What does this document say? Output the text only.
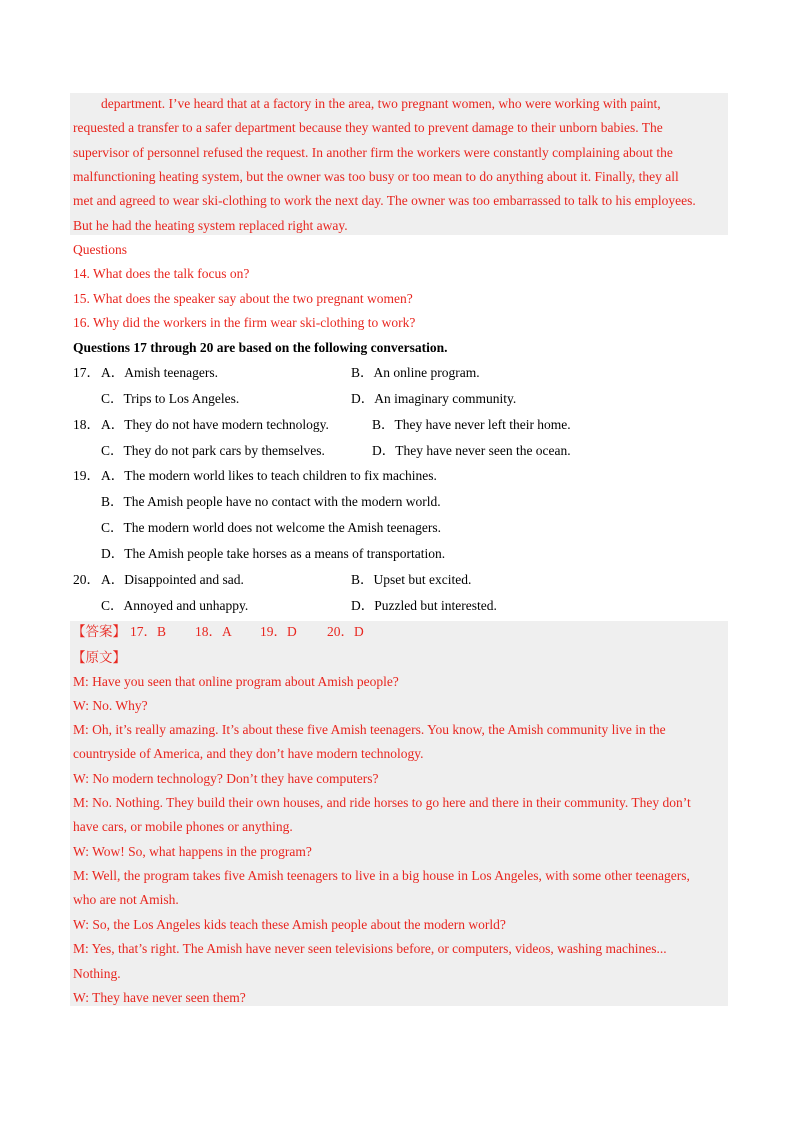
department. I’ve heard that at a factory in the area, two pregnant women, who were working with paint,
requested a transfer to a safer department because they wanted to prevent damage to their unborn babies. The
supervisor of personnel refused the request. In another firm the workers were constantly complaining about the
malfunctioning heating system, but the owner was too busy or too mean to do anything about it. Finally, they all
met and agreed to wear ski-clothing to work the next day. The owner was too embarrassed to talk to his employees.
But he had the heating system replaced right away.
Questions
14. What does the talk focus on?
15. What does the speaker say about the two pregnant women?
16. Why did the workers in the firm wear ski-clothing to work?
Questions 17 through 20 are based on the following conversation.
17． A．Amish teenagers.	B．An online program.
C．Trips to Los Angeles.	D．An imaginary community.
18． A．They do not have modern technology.	B．They have never left their home.
C．They do not park cars by themselves.	D．They have never seen the ocean.
19． A．The modern world likes to teach children to fix machines.
B．The Amish people have no contact with the modern world.
C．The modern world does not welcome the Amish teenagers.
D．The Amish people take horses as a means of transportation.
20． A．Disappointed and sad.	B．Upset but excited.
C．Annoyed and unhappy.	D．Puzzled but interested.
【答案】 17．B 18．A 19．D 20．D
【原文】
M: Have you seen that online program about Amish people?
W: No. Why?
M: Oh, it’s really amazing. It’s about these five Amish teenagers. You know, the Amish community live in the
countryside of America, and they don’t have modern technology.
W: No modern technology? Don’t they have computers?
M: No. Nothing. They build their own houses, and ride horses to go here and there in their community. They don’t
have cars, or mobile phones or anything.
W: Wow! So, what happens in the program?
M: Well, the program takes five Amish teenagers to live in a big house in Los Angeles, with some other teenagers,
who are not Amish.
W: So, the Los Angeles kids teach these Amish people about the modern world?
M: Yes, that’s right. The Amish have never seen televisions before, or computers, videos, washing machines...
Nothing.
W: They have never seen them?
